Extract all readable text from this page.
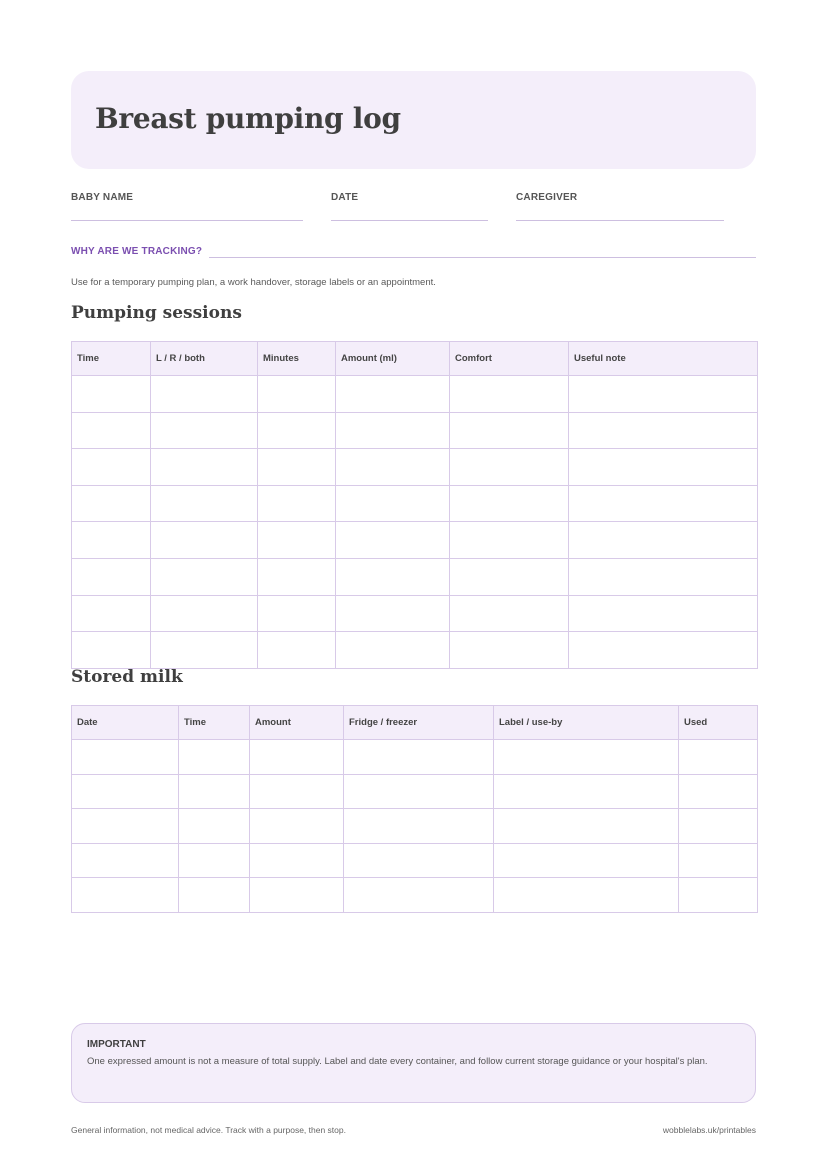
Breast pumping log
BABY NAME	DATE	CAREGIVER
WHY ARE WE TRACKING?
Use for a temporary pumping plan, a work handover, storage labels or an appointment.
Pumping sessions
Time	L / R / both	Minutes	Amount (ml)	Comfort	Useful note

Stored milk
Date	Time	Amount	Fridge / freezer	Label / use-by	Used

IMPORTANT
One expressed amount is not a measure of total supply. Label and date every container, and follow current storage guidance or your hospital's plan.
General information, not medical advice. Track with a purpose, then stop.	wobblelabs.uk/printables
